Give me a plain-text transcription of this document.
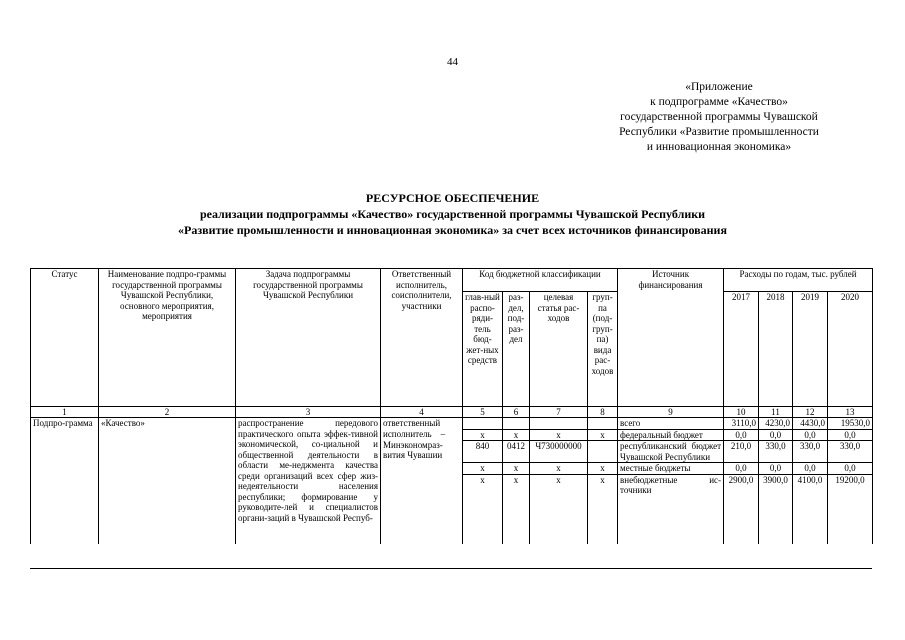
44
«Приложение
к подпрограмме «Качество»
государственной программы Чувашской
Республики «Развитие промышленности
и инновационная экономика»
РЕСУРСНОЕ ОБЕСПЕЧЕНИЕ
реализации подпрограммы «Качество» государственной программы Чувашской Республики
«Развитие промышленности и инновационная экономика» за счет всех источников финансирования
Статус	Наименование подпро-граммы государственной программы Чувашской Республики, основного мероприятия, мероприятия	Задача подпрограммы государственной программы Чувашской Республики	Ответственный исполнитель, соисполнители, участники	Код бюджетной классификации				Источник финансирования	Расходы по годам, тыс. рублей			
				глав-ный распо-ряди-тель бюд-жет-ных средств	раз-дел, под-раз-дел	целевая статья рас-ходов	груп-па (под-груп-па) вида рас-ходов		2017	2018	2019	2020
1	2	3	4	5	6	7	8	9	10	11	12	13
Подпро-грамма	«Качество»	распространение передового практического опыта эффек-тивной экономической, со-циальной и общественной деятельности в области ме-неджмента качества среди организаций всех сфер жиз-недеятельности населения республики; формирование у руководите-лей и специалистов органи-заций в Чувашской Респуб-	ответственный					всего	3110,0	4230,0	4430,0	19530,0

			исполнитель    –
Минэкономраз-вития Чувашии	x	x	x	x	федеральный бюджет	0,0	0,0	0,0	0,0
				840	0412	Ч730000000		республиканский бюджет Чувашской Республики	210,0	330,0	330,0	330,0
				x	x	x	x	местные бюджеты	0,0	0,0	0,0	0,0
				x	x	x	x	внебюджетные ис-точники	2900,0	3900,0	4100,0	19200,0
